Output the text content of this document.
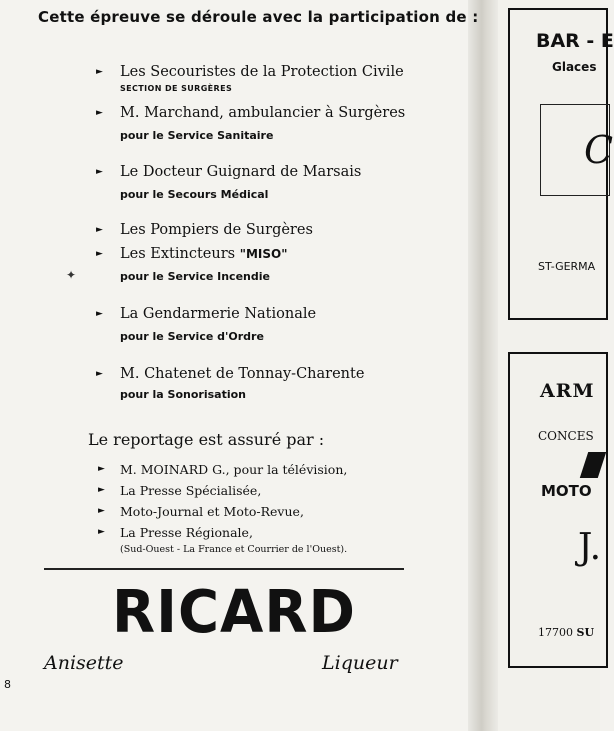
Cette épreuve se déroule avec la participation de :
► Les Secouristes de la Protection Civile
SECTION DE SURGÈRES
► M. Marchand, ambulancier à Surgères
pour le Service Sanitaire
► Le Docteur Guignard de Marsais
pour le Secours Médical
► Les Pompiers de Surgères
► Les Extincteurs "MISO"
pour le Service Incendie
✦
► La Gendarmerie Nationale
pour le Service d'Ordre
► M. Chatenet de Tonnay-Charente
pour la Sonorisation
Le reportage est assuré par :
► M. MOINARD G., pour la télévision,
► La Presse Spécialisée,
► Moto-Journal et Moto-Revue,
► La Presse Régionale,
(Sud-Ouest - La France et Courrier de l'Ouest).
RICARD
Anisette	Liqueur
8
BAR - E
Glaces
C
ST-GERMA
ARM
CONCES
MOTO
J.
17700 SU
